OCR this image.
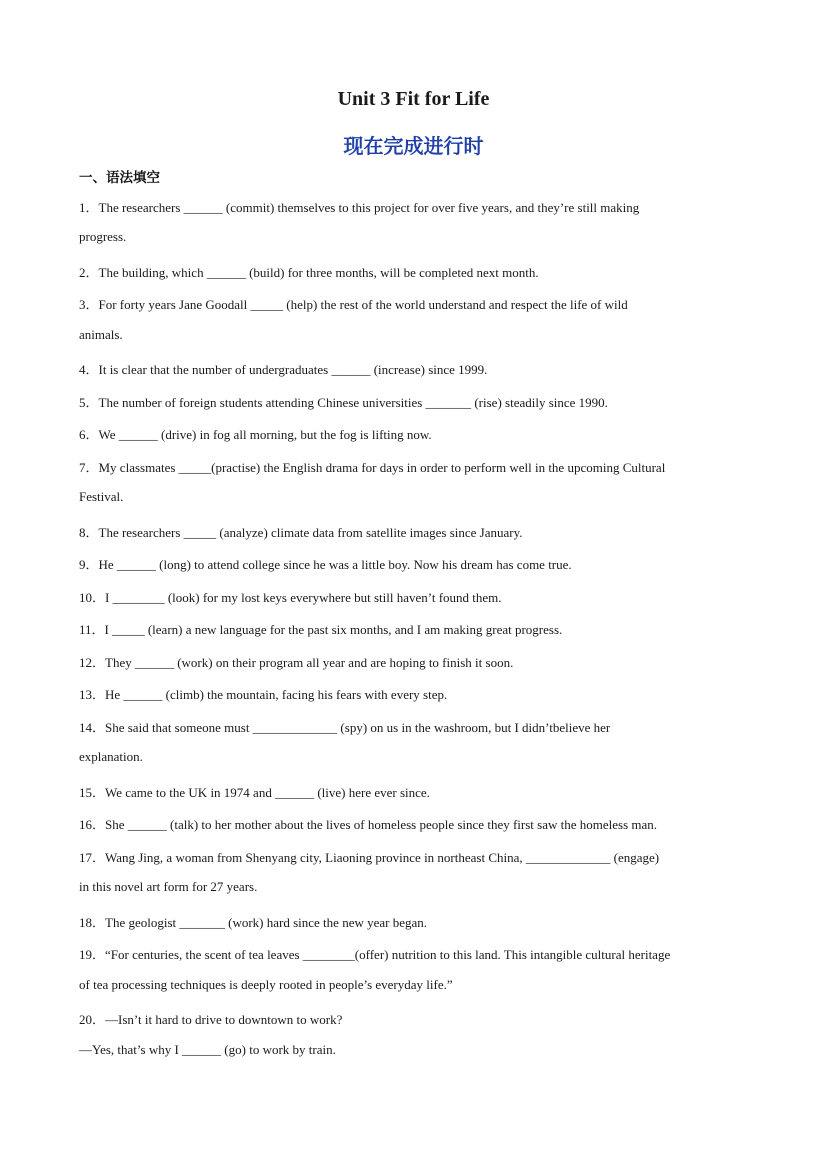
Unit 3 Fit for Life
现在完成进行时
一、语法填空
1．The researchers ______ (commit) themselves to this project for over five years, and they’re still making
progress.
2．The building, which ______ (build) for three months, will be completed next month.
3．For forty years Jane Goodall _____ (help) the rest of the world understand and respect the life of wild
animals.
4．It is clear that the number of undergraduates ______ (increase) since 1999.
5．The number of foreign students attending Chinese universities _______ (rise) steadily since 1990.
6．We ______ (drive) in fog all morning, but the fog is lifting now.
7．My classmates _____(practise) the English drama for days in order to perform well in the upcoming Cultural
Festival.
8．The researchers _____ (analyze) climate data from satellite images since January.
9．He ______ (long) to attend college since he was a little boy. Now his dream has come true.
10．I ________ (look) for my lost keys everywhere but still haven’t found them.
11．I _____ (learn) a new language for the past six months, and I am making great progress.
12．They ______ (work) on their program all year and are hoping to finish it soon.
13．He ______ (climb) the mountain, facing his fears with every step.
14．She said that someone must _____________ (spy) on us in the washroom, but I didn’tbelieve her
explanation.
15．We came to the UK in 1974 and ______ (live) here ever since.
16．She ______ (talk) to her mother about the lives of homeless people since they first saw the homeless man.
17．Wang Jing, a woman from Shenyang city, Liaoning province in northeast China, _____________ (engage)
in this novel art form for 27 years.
18．The geologist _______ (work) hard since the new year began.
19．“For centuries, the scent of tea leaves ________(offer) nutrition to this land. This intangible cultural heritage
of tea processing techniques is deeply rooted in people’s everyday life.”
20．—Isn’t it hard to drive to downtown to work?
—Yes, that’s why I ______ (go) to work by train.
